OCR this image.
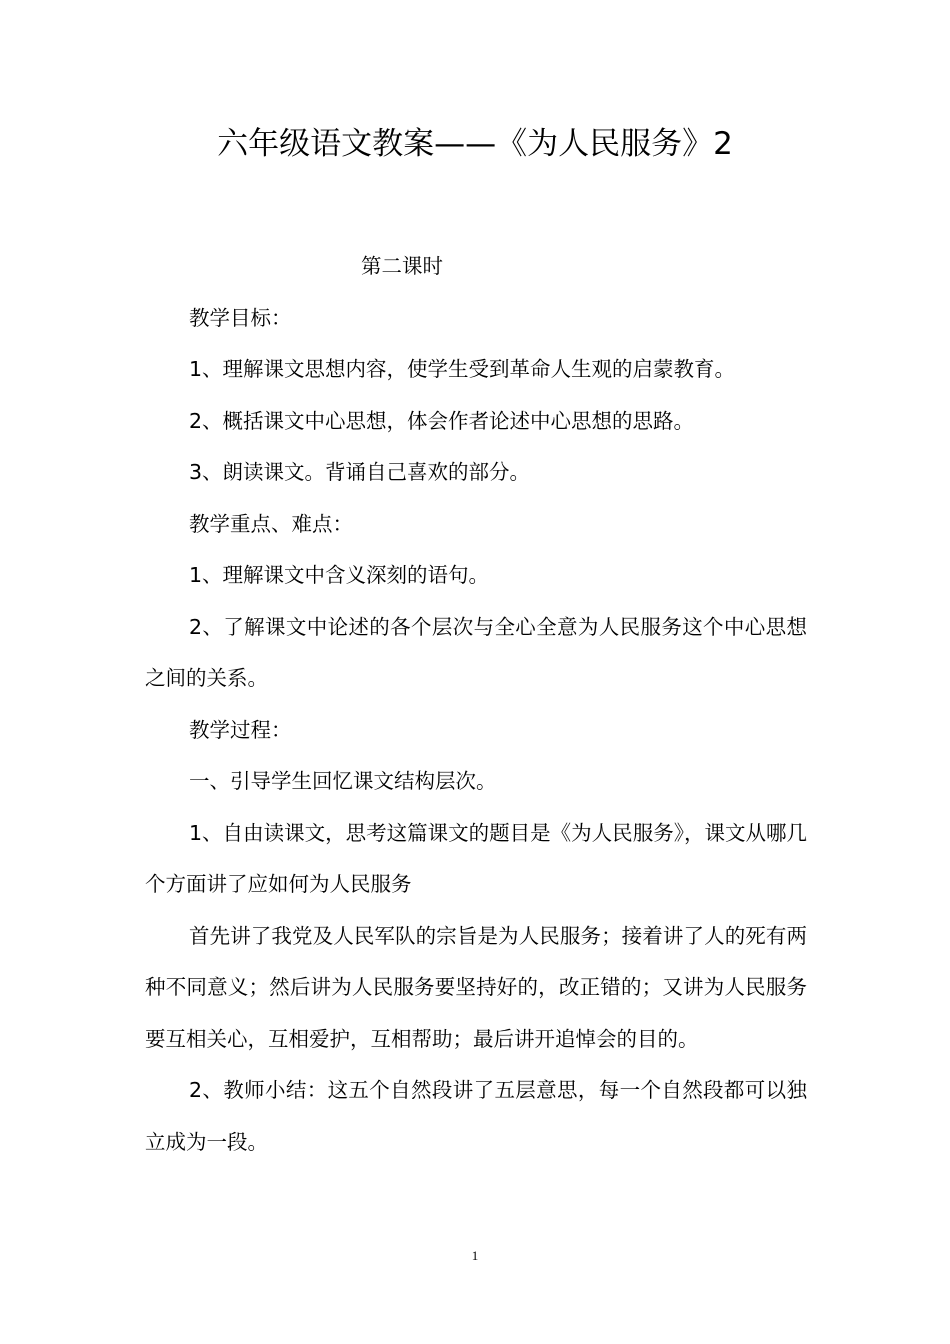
六年级语文教案——《为人民服务》2

第二课时

教学目标：

1、理解课文思想内容，使学生受到革命人生观的启蒙教育。

2、概括课文中心思想，体会作者论述中心思想的思路。

3、朗读课文。背诵自己喜欢的部分。

教学重点、难点：

1、理解课文中含义深刻的语句。

2、了解课文中论述的各个层次与全心全意为人民服务这个中心思想之间的关系。

教学过程：

一、引导学生回忆课文结构层次。

1、自由读课文，思考这篇课文的题目是《为人民服务》，课文从哪几个方面讲了应如何为人民服务

首先讲了我党及人民军队的宗旨是为人民服务；接着讲了人的死有两种不同意义；然后讲为人民服务要坚持好的，改正错的；又讲为人民服务要互相关心，互相爱护，互相帮助；最后讲开追悼会的目的。

2、教师小结：这五个自然段讲了五层意思，每一个自然段都可以独立成为一段。

1
